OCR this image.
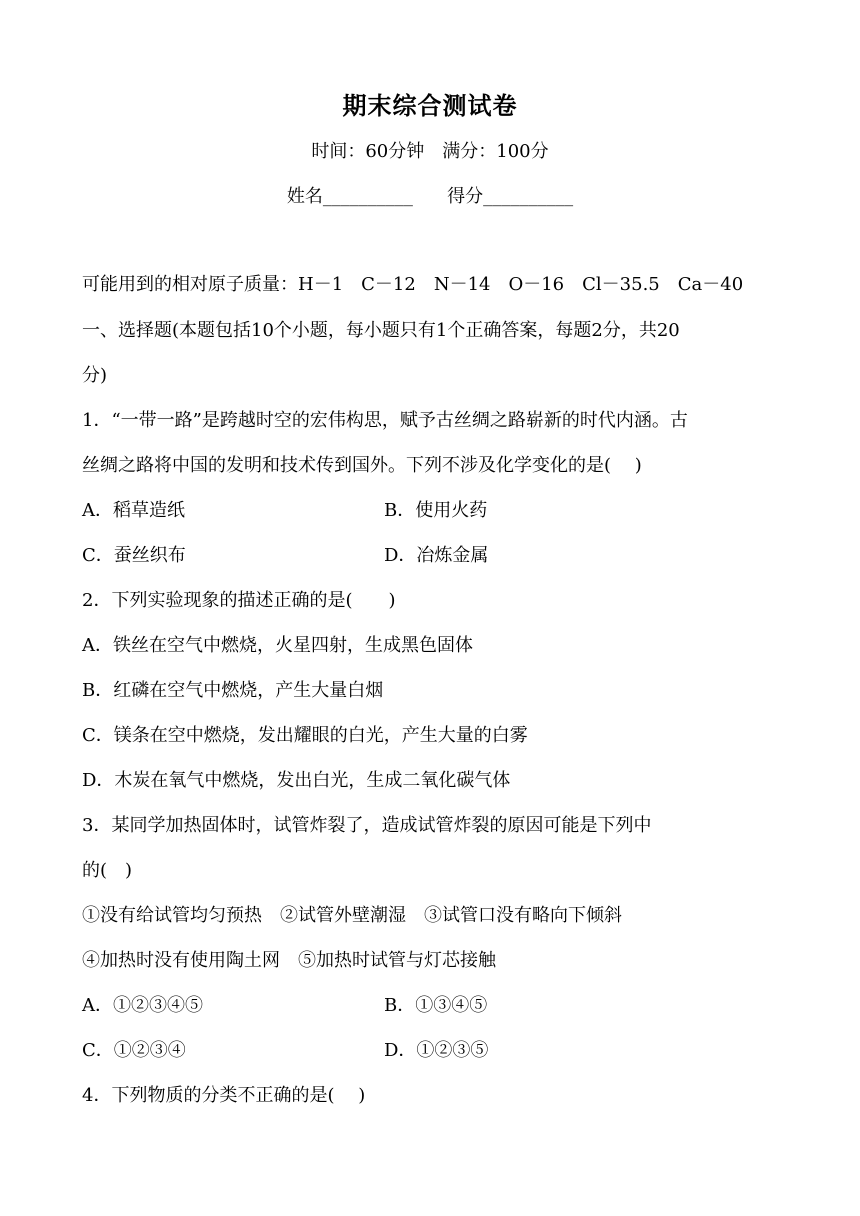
期末综合测试卷
时间：60分钟　满分：100分
姓名__________ 得分__________
可能用到的相对原子质量：H－1　C－12　N－14　O－16　Cl－35.5　Ca－40
一、选择题(本题包括10个小题，每小题只有1个正确答案，每题2分，共20
分)
1．“一带一路”是跨越时空的宏伟构思，赋予古丝绸之路崭新的时代内涵。古
丝绸之路将中国的发明和技术传到国外。下列不涉及化学变化的是(　 )
A．稻草造纸	B．使用火药
C．蚕丝织布	D．冶炼金属
2．下列实验现象的描述正确的是(　　)
A．铁丝在空气中燃烧，火星四射，生成黑色固体
B．红磷在空气中燃烧，产生大量白烟
C．镁条在空中燃烧，发出耀眼的白光，产生大量的白雾
D．木炭在氧气中燃烧，发出白光，生成二氧化碳气体
3．某同学加热固体时，试管炸裂了，造成试管炸裂的原因可能是下列中
的(　)
①没有给试管均匀预热　②试管外壁潮湿　③试管口没有略向下倾斜
④加热时没有使用陶土网　⑤加热时试管与灯芯接触
A．①②③④⑤	B．①③④⑤
C．①②③④	D．①②③⑤
4．下列物质的分类不正确的是(　 )
